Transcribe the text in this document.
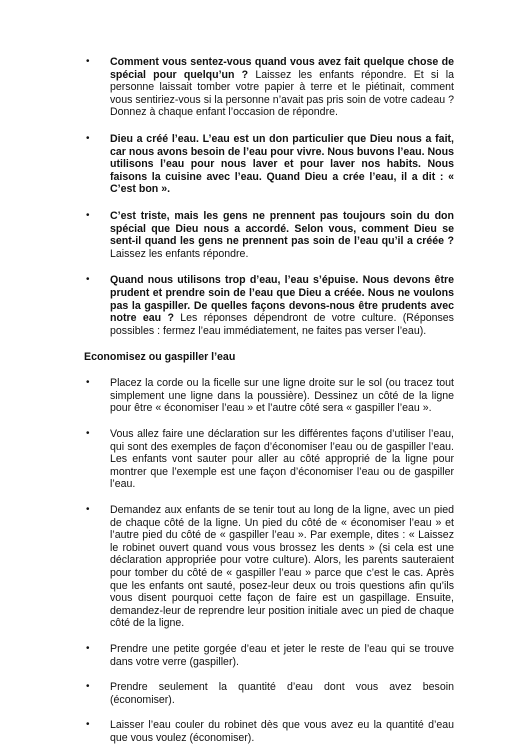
• Comment vous sentez-vous quand vous avez fait quelque chose de spécial pour quelqu’un ? Laissez les enfants répondre. Et si la personne laissait tomber votre papier à terre et le piétinait, comment vous sentiriez-vous si la personne n’avait pas pris soin de votre cadeau ? Donnez à chaque enfant l’occasion de répondre.
• Dieu a créé l’eau. L’eau est un don particulier que Dieu nous a fait, car nous avons besoin de l’eau pour vivre. Nous buvons l’eau. Nous utilisons l’eau pour nous laver et pour laver nos habits. Nous faisons la cuisine avec l’eau. Quand Dieu a crée l’eau, il a dit : « C’est bon ».
• C’est triste, mais les gens ne prennent pas toujours soin du don spécial que Dieu nous a accordé. Selon vous, comment Dieu se sent-il quand les gens ne prennent pas soin de l’eau qu’il a créée ? Laissez les enfants répondre.
• Quand nous utilisons trop d’eau, l’eau s’épuise. Nous devons être prudent et prendre soin de l’eau que Dieu a créée. Nous ne voulons pas la gaspiller. De quelles façons devons-nous être prudents avec notre eau ? Les réponses dépendront de votre culture. (Réponses possibles : fermez l’eau immédiatement, ne faites pas verser l’eau).
Economisez ou gaspiller l’eau
• Placez la corde ou la ficelle sur une ligne droite sur le sol (ou tracez tout simplement une ligne dans la poussière). Dessinez un côté de la ligne pour être « économiser l’eau » et l’autre côté sera « gaspiller l’eau ».
• Vous allez faire une déclaration sur les différentes façons d’utiliser l’eau, qui sont des exemples de façon d’économiser l’eau ou de gaspiller l’eau. Les enfants vont sauter pour aller au côté approprié de la ligne pour montrer que l’exemple est une façon d’économiser l’eau ou de gaspiller l’eau.
• Demandez aux enfants de se tenir tout au long de la ligne, avec un pied de chaque côté de la ligne. Un pied du côté de « économiser l’eau » et l’autre pied du côté de « gaspiller l’eau ». Par exemple, dites : « Laissez le robinet ouvert quand vous vous brossez les dents » (si cela est une déclaration appropriée pour votre culture). Alors, les parents sauteraient pour tomber du côté de « gaspiller l’eau » parce que c’est le cas. Après que les enfants ont sauté, posez-leur deux ou trois questions afin qu’ils vous disent pourquoi cette façon de faire est un gaspillage. Ensuite, demandez-leur de reprendre leur position initiale avec un pied de chaque côté de la ligne.
• Prendre une petite gorgée d’eau et jeter le reste de l’eau qui se trouve dans votre verre (gaspiller).
• Prendre seulement la quantité d’eau dont vous avez besoin (économiser).
• Laisser l’eau couler du robinet dès que vous avez eu la quantité d’eau que vous voulez (économiser).
